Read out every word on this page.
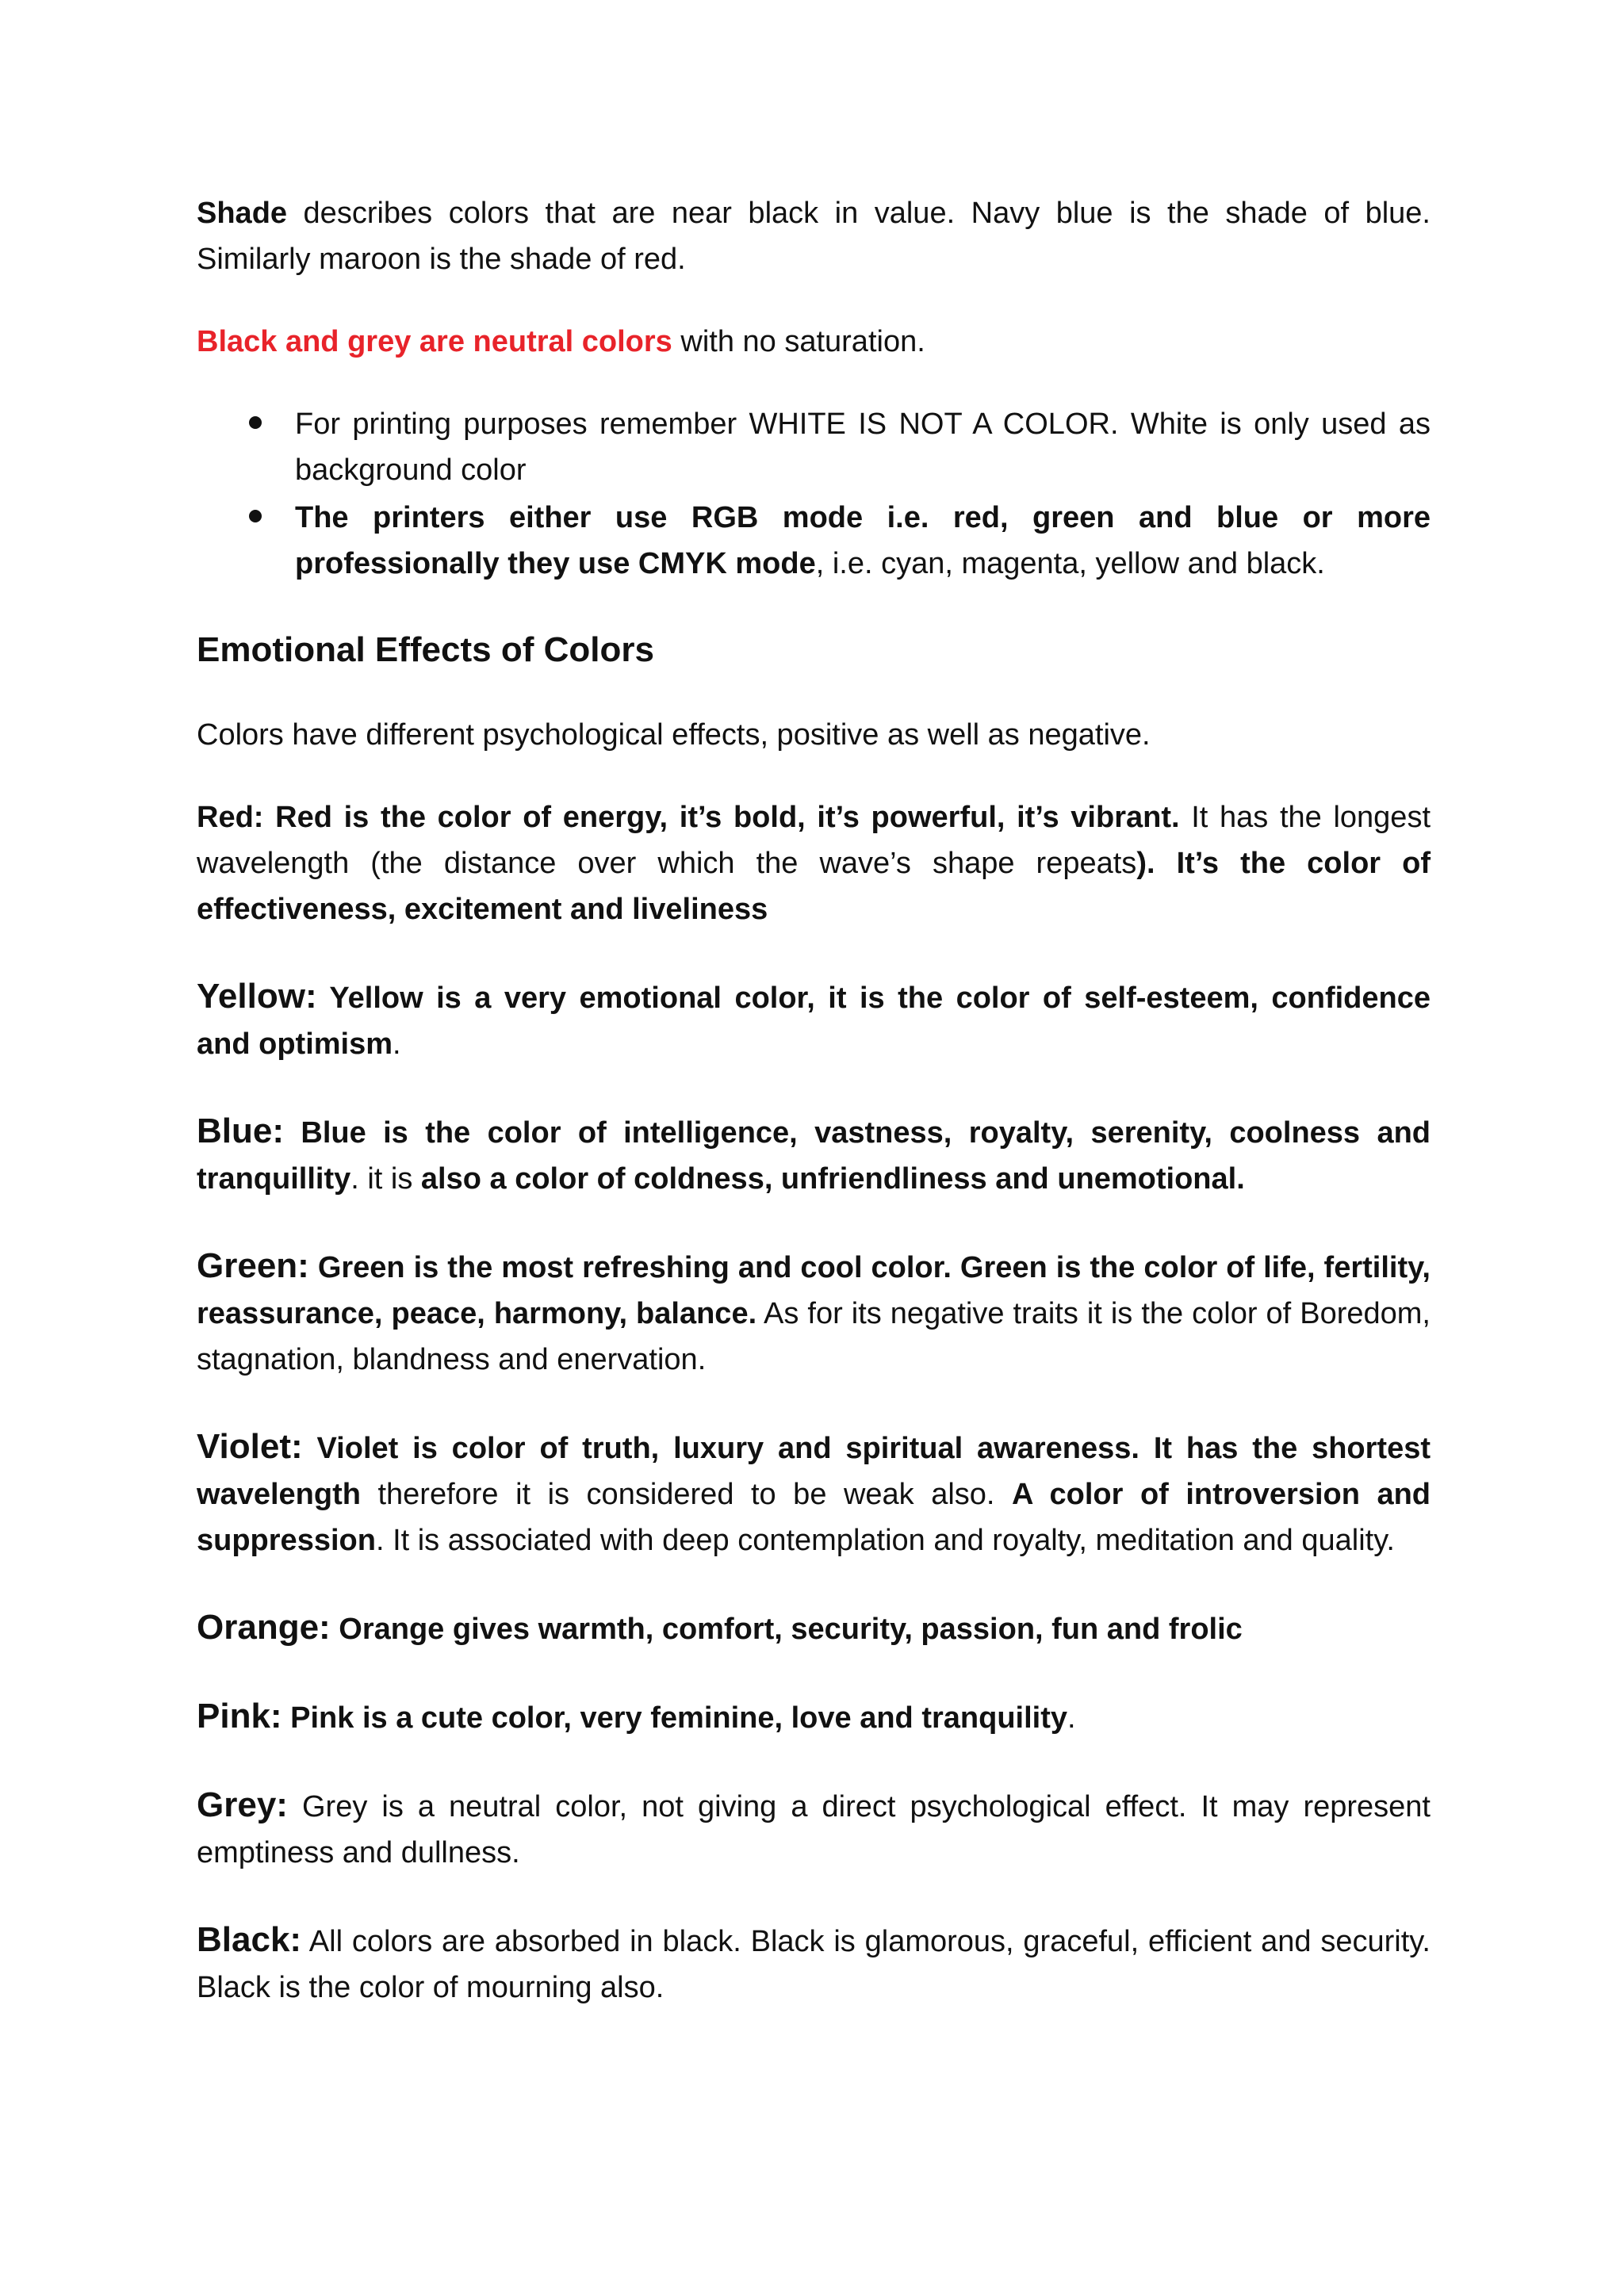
Shade describes colors that are near black in value. Navy blue is the shade of blue. Similarly maroon is the shade of red.

Black and grey are neutral colors with no saturation.

For printing purposes remember WHITE IS NOT A COLOR. White is only used as background color
The printers either use RGB mode i.e. red, green and blue or more professionally they use CMYK mode, i.e. cyan, magenta, yellow and black.
Emotional Effects of Colors

Colors have different psychological effects, positive as well as negative.

Red: Red is the color of energy, it’s bold, it’s powerful, it’s vibrant. It has the longest wavelength (the distance over which the wave’s shape repeats). It’s the color of effectiveness, excitement and liveliness

Yellow: Yellow is a very emotional color, it is the color of self-esteem, confidence and optimism.

Blue: Blue is the color of intelligence, vastness, royalty, serenity, coolness and tranquillity. it is also a color of coldness, unfriendliness and unemotional.

Green: Green is the most refreshing and cool color. Green is the color of life, fertility, reassurance, peace, harmony, balance. As for its negative traits it is the color of Boredom, stagnation, blandness and enervation.

Violet: Violet is color of truth, luxury and spiritual awareness. It has the shortest wavelength therefore it is considered to be weak also. A color of introversion and suppression. It is associated with deep contemplation and royalty, meditation and quality.

Orange: Orange gives warmth, comfort, security, passion, fun and frolic

Pink: Pink is a cute color, very feminine, love and tranquility.

Grey: Grey is a neutral color, not giving a direct psychological effect. It may represent emptiness and dullness.

Black: All colors are absorbed in black. Black is glamorous, graceful, efficient and security. Black is the color of mourning also.
